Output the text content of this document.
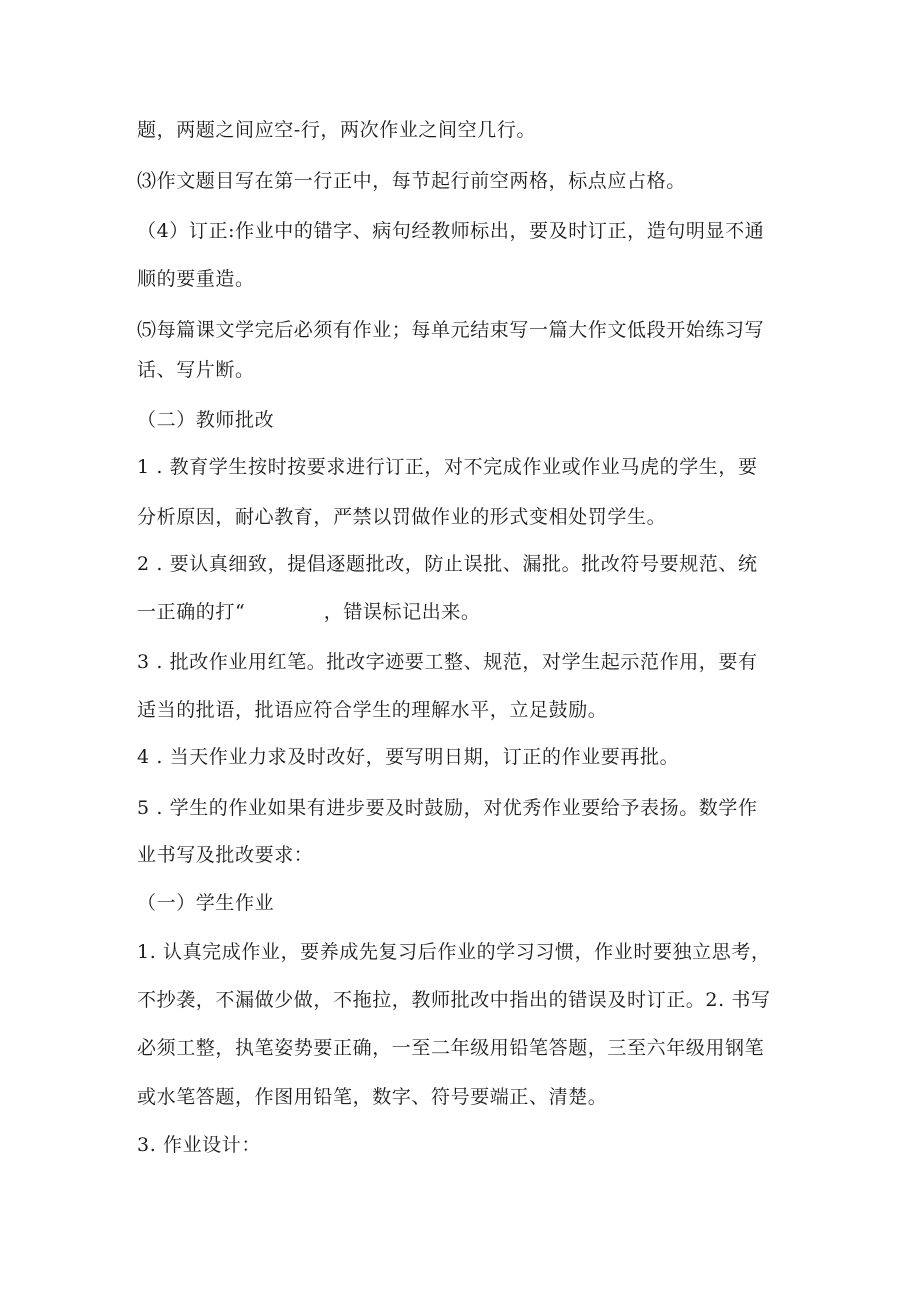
题，两题之间应空-行，两次作业之间空几行。
⑶作文题目写在第一行正中，每节起行前空两格，标点应占格。
（4）订正:作业中的错字、病句经教师标出，要及时订正，造句明显不通
顺的要重造。
⑸每篇课文学完后必须有作业；每单元结束写一篇大作文低段开始练习写
话、写片断。
（二）教师批改
1 . 教育学生按时按要求进行订正，对不完成作业或作业马虎的学生，要
分析原因，耐心教育，严禁以罚做作业的形式变相处罚学生。
2 . 要认真细致，提倡逐题批改，防止误批、漏批。批改符号要规范、统
一正确的打“　　　　，错误标记出来。
3 . 批改作业用红笔。批改字迹要工整、规范，对学生起示范作用，要有
适当的批语，批语应符合学生的理解水平，立足鼓励。
4 . 当天作业力求及时改好，要写明日期，订正的作业要再批。
5 . 学生的作业如果有进步要及时鼓励，对优秀作业要给予表扬。数学作
业书写及批改要求：
（一）学生作业
1. 认真完成作业，要养成先复习后作业的学习习惯，作业时要独立思考，
不抄袭，不漏做少做，不拖拉，教师批改中指出的错误及时订正。2. 书写
必须工整，执笔姿势要正确，一至二年级用铅笔答题，三至六年级用钢笔
或水笔答题，作图用铅笔，数字、符号要端正、清楚。
3. 作业设计：
